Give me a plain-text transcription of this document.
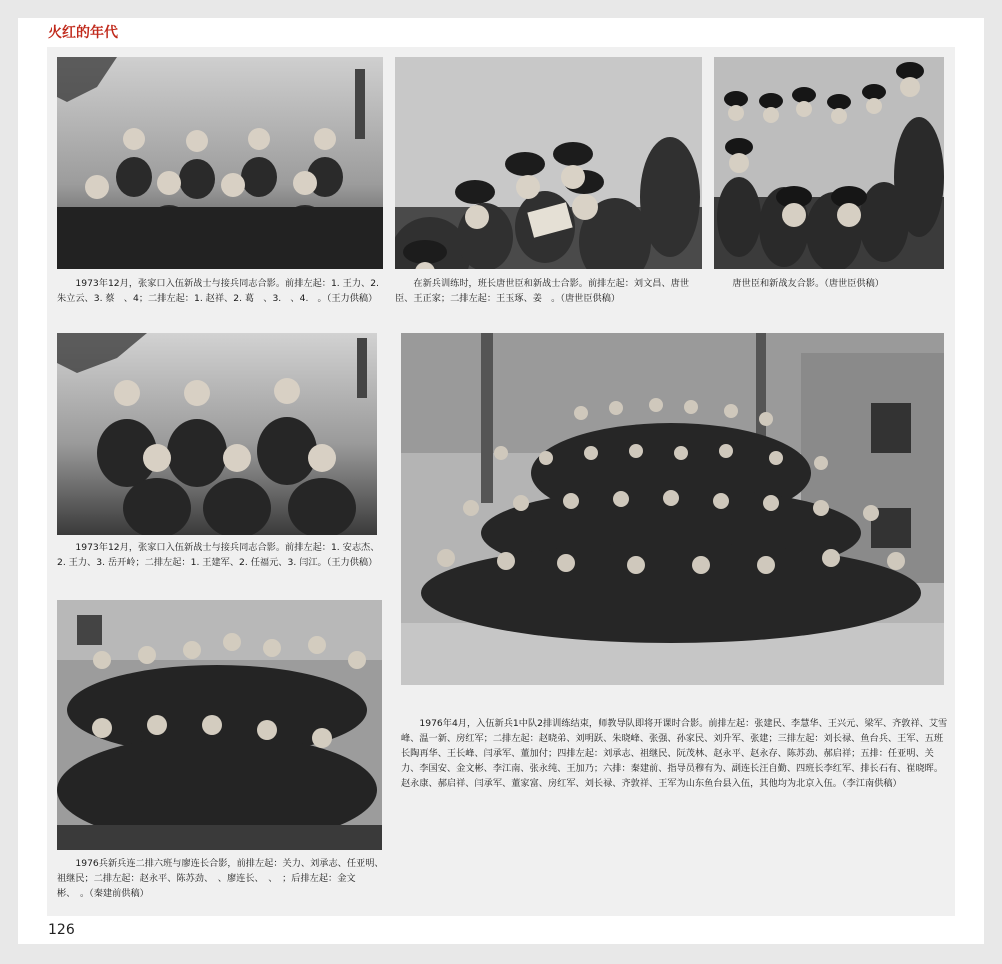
火红的年代
1973年12月，张家口入伍新战士与接兵同志合影。前排左起：1. 王力、2. 朱立云、3. 蔡　、4；二排左起：1. 赵祥、2. 葛　、3.　、4.　。（王力供稿）
在新兵训练时，班长唐世臣和新战士合影。前排左起：刘文昌、唐世臣、王正家；二排左起：王玉琢、姜　。（唐世臣供稿）
唐世臣和新战友合影。（唐世臣供稿）
1973年12月，张家口入伍新战士与接兵同志合影。前排左起：1. 安志杰、2. 王力、3. 岳开岭；二排左起：1. 王建军、2. 任福元、3. 闫江。（王力供稿）
1976年4月，入伍新兵1中队2排训练结束，师教导队即将开课时合影。前排左起：张建民、李慧华、王兴元、梁军、齐敦祥、艾雪峰、温一新、房红军；二排左起：赵晓弟、刘明跃、朱晓峰、张强、孙家民、刘升军、张建；三排左起：刘长禄、鱼台兵、王军、五班长陶再华、王长峰、闫承军、董加付；四排左起：刘承志、祖继民、阮茂林、赵永平、赵永存、陈苏劲、郝启祥；五排：任亚明、关力、李国安、金文彬、李江南、张永纯、王加乃；六排：秦建前、指导员穆有为、副连长汪自勤、四班长李红军、排长石有、崔晓晖。赵永康、郝启祥、闫承军、董家富、房红军、刘长禄、齐敦祥、王军为山东鱼台县入伍，其他均为北京入伍。（李江南供稿）
1976兵新兵连二排六班与廖连长合影，前排左起：关力、刘承志、任亚明、祖继民；二排左起：赵永平、陈苏劲、　、廖连长、　、　；后排左起：金文彬、　。（秦建前供稿）
126
